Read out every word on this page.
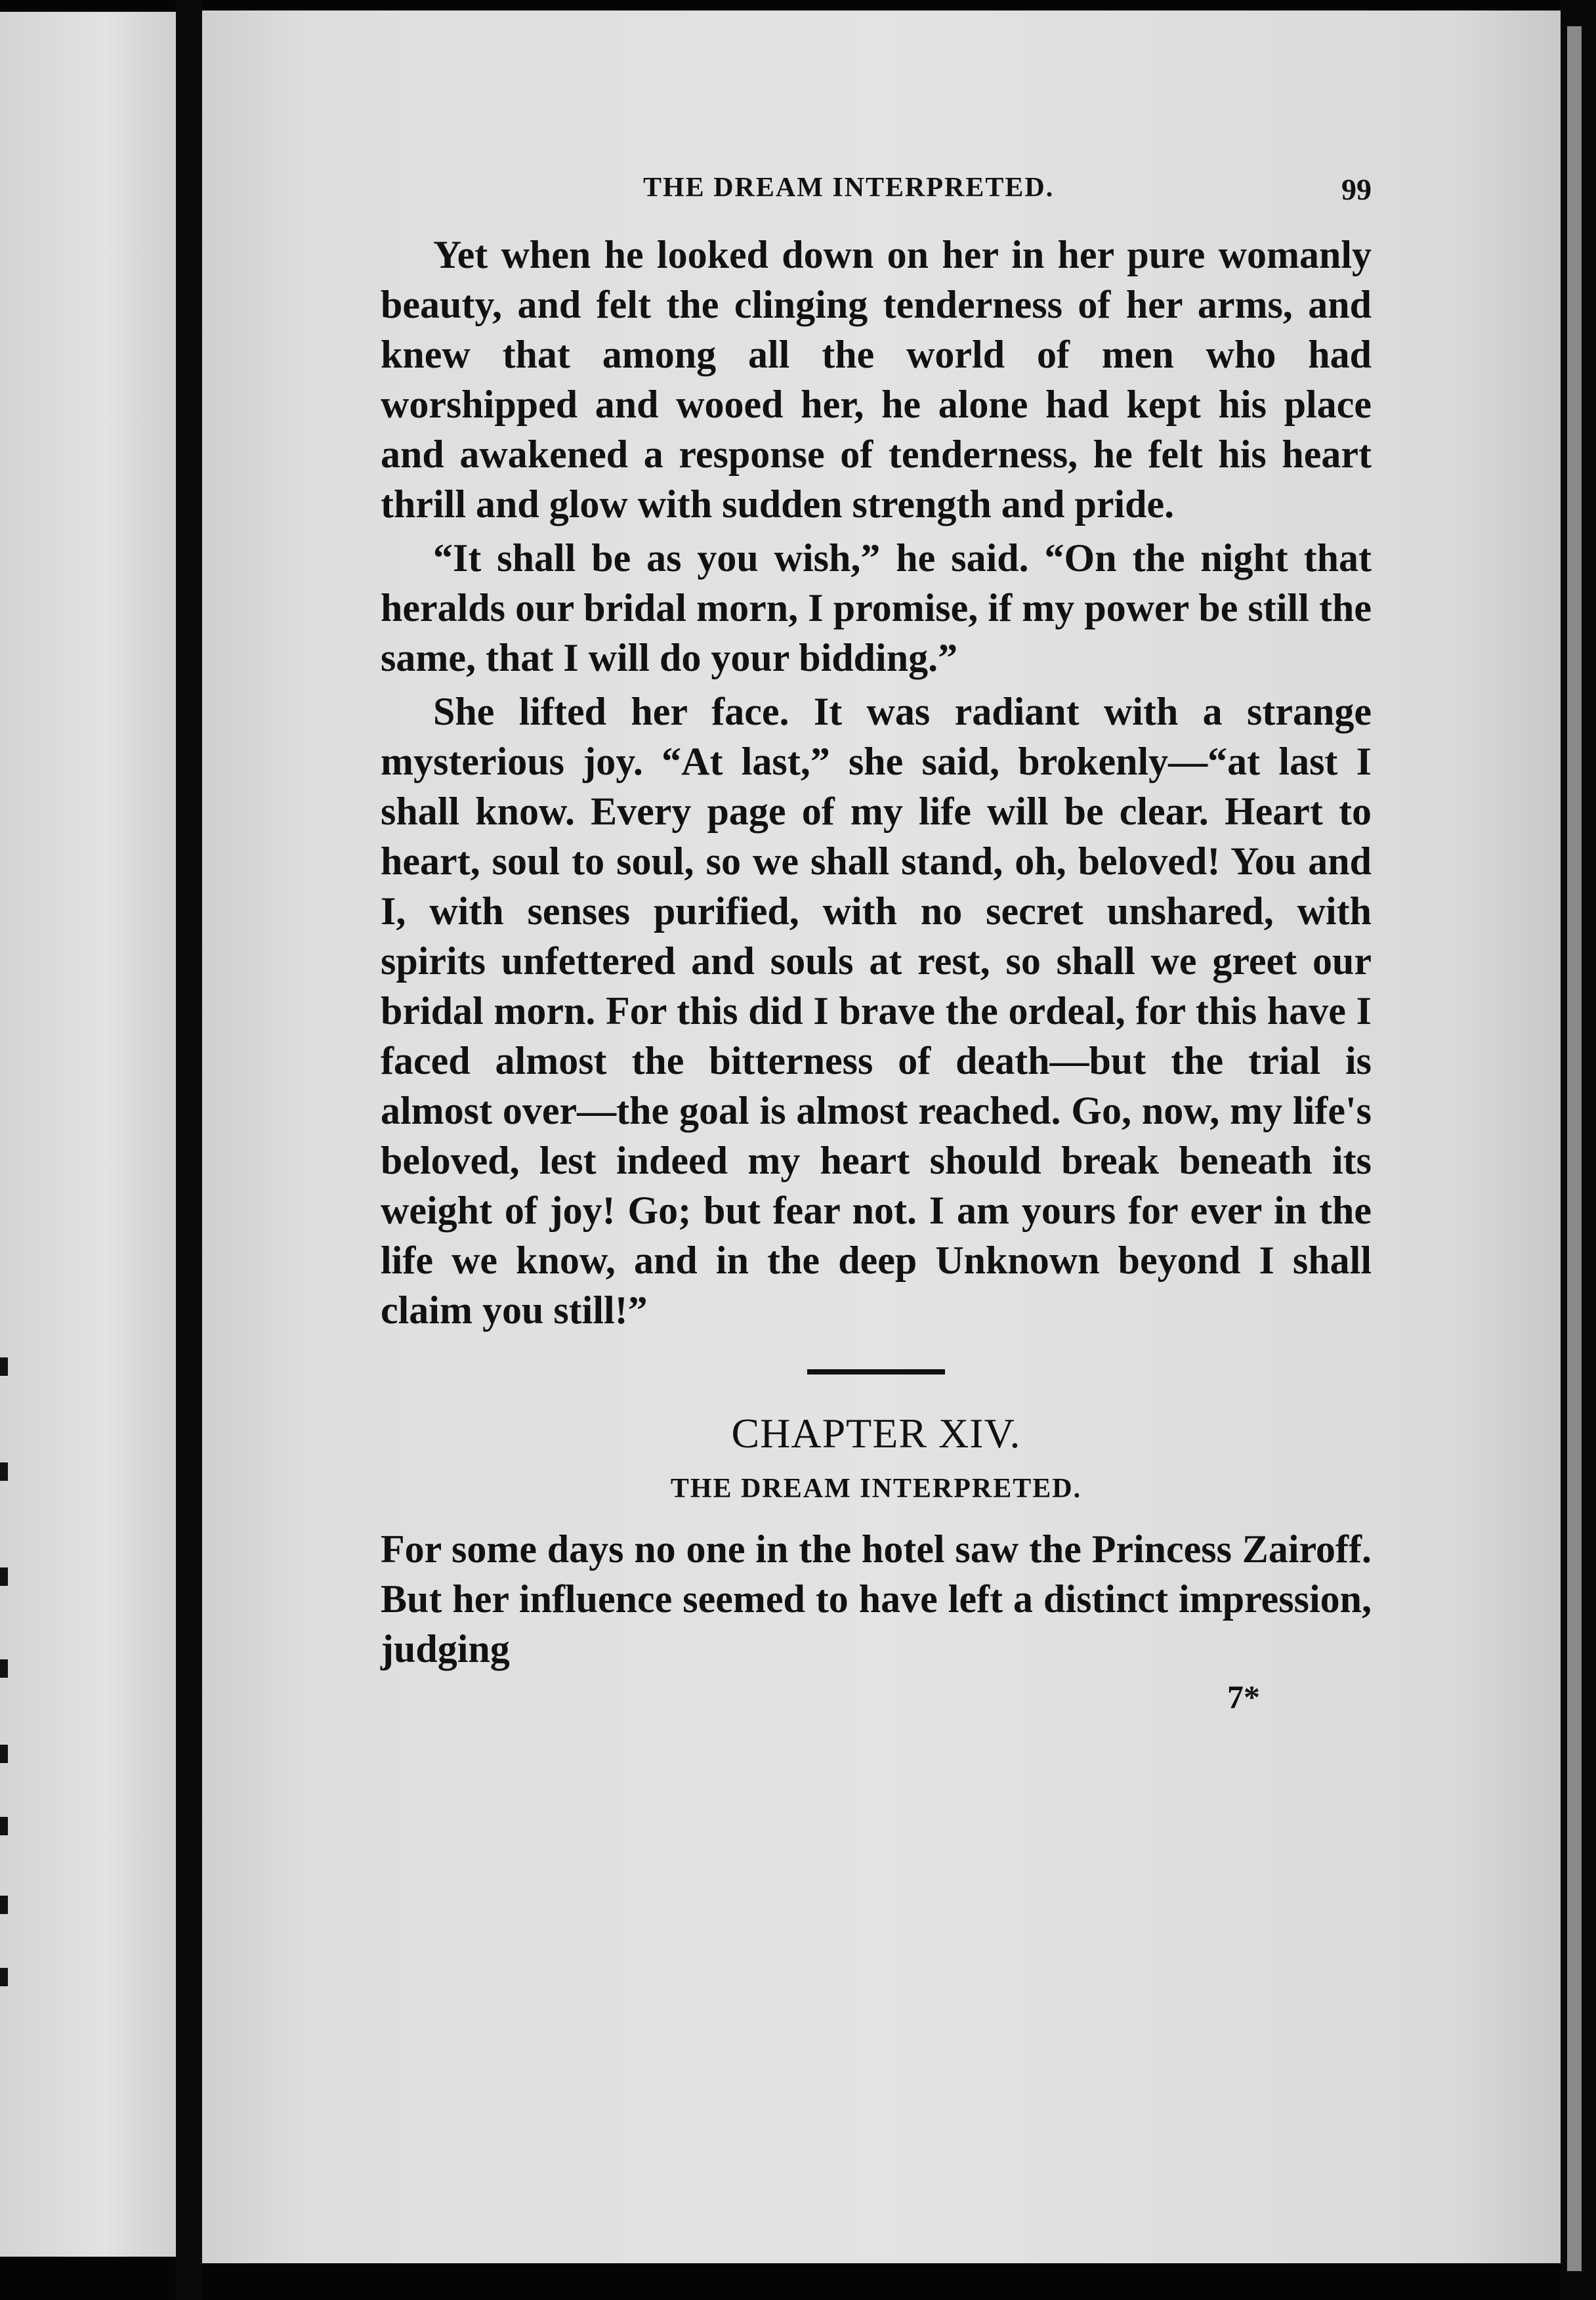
THE DREAM INTERPRETED.	99

Yet when he looked down on her in her pure womanly beauty, and felt the clinging tenderness of her arms, and knew that among all the world of men who had worshipped and wooed her, he alone had kept his place and awakened a response of tenderness, he felt his heart thrill and glow with sudden strength and pride.

“It shall be as you wish,” he said. “On the night that heralds our bridal morn, I promise, if my power be still the same, that I will do your bidding.”

She lifted her face. It was radiant with a strange mysterious joy. “At last,” she said, brokenly—“at last I shall know. Every page of my life will be clear. Heart to heart, soul to soul, so we shall stand, oh, beloved! You and I, with senses purified, with no secret unshared, with spirits unfettered and souls at rest, so shall we greet our bridal morn. For this did I brave the ordeal, for this have I faced almost the bitterness of death—but the trial is almost over—the goal is almost reached. Go, now, my life's beloved, lest indeed my heart should break beneath its weight of joy! Go; but fear not. I am yours for ever in the life we know, and in the deep Unknown beyond I shall claim you still!”

CHAPTER XIV.
THE DREAM INTERPRETED.

For some days no one in the hotel saw the Princess Zairoff. But her influence seemed to have left a distinct impression, judging

7*
